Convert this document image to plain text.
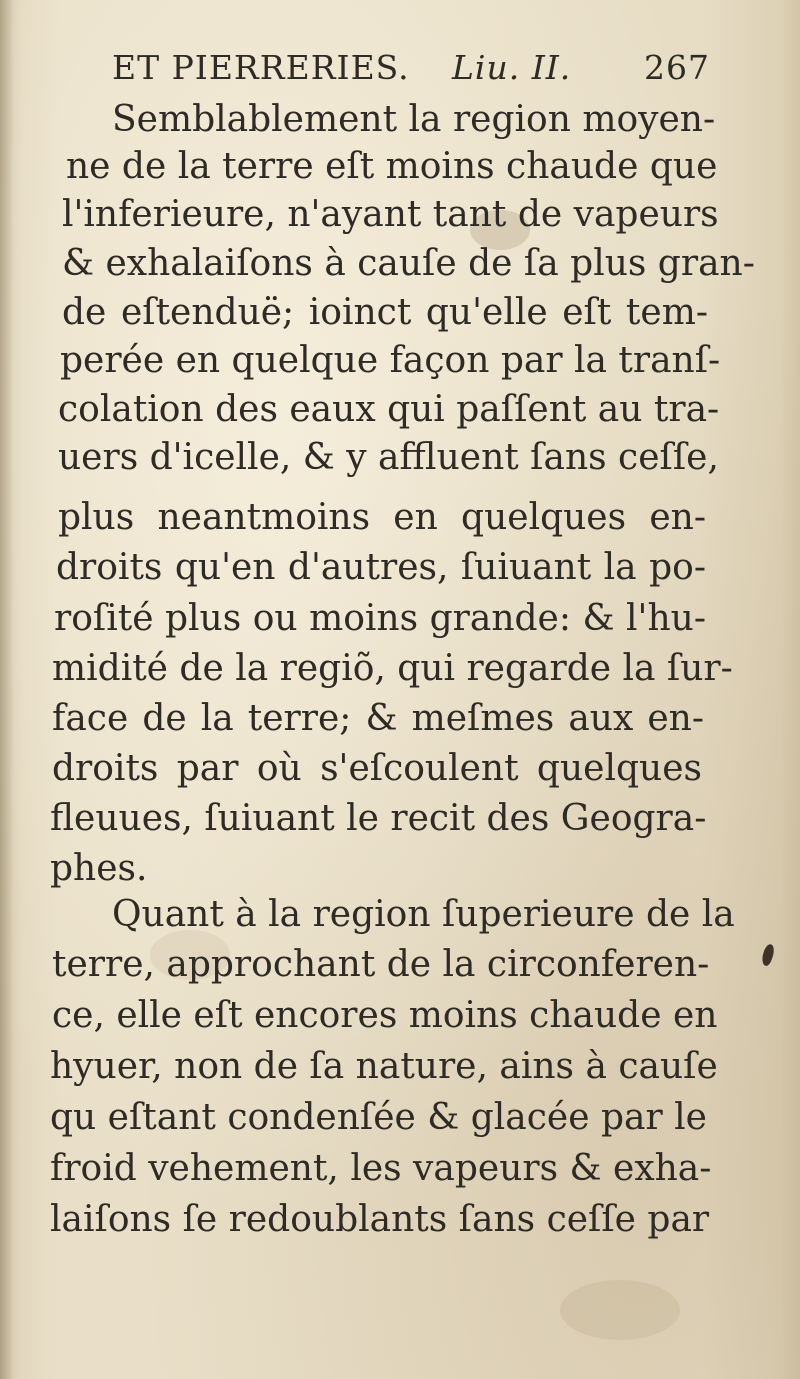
ET PIERRERIES. Liu. II. 267
Semblablement la region moyen-
ne de la terre eſt moins chaude que
l'inferieure, n'ayant tant de vapeurs
& exhalaiſons à cauſe de ſa plus gran-
de eſtenduë; ioinct qu'elle eſt tem-
perée en quelque façon par la tranſ-
colation des eaux qui paſſent au tra-
uers d'icelle, & y affluent ſans ceſſe,
plus neantmoins en quelques en-
droits qu'en d'autres, ſuiuant la po-
roſité plus ou moins grande: & l'hu-
midité de la regiõ, qui regarde la ſur-
face de la terre; & meſmes aux en-
droits par où s'eſcoulent quelques
fleuues, ſuiuant le recit des Geogra-
phes.
Quant à la region ſuperieure de la
terre, approchant de la circonferen-
ce, elle eſt encores moins chaude en
hyuer, non de ſa nature, ains à cauſe
qu eſtant condenſée & glacée par le
froid vehement, les vapeurs & exha-
laiſons ſe redoublants ſans ceſſe par
